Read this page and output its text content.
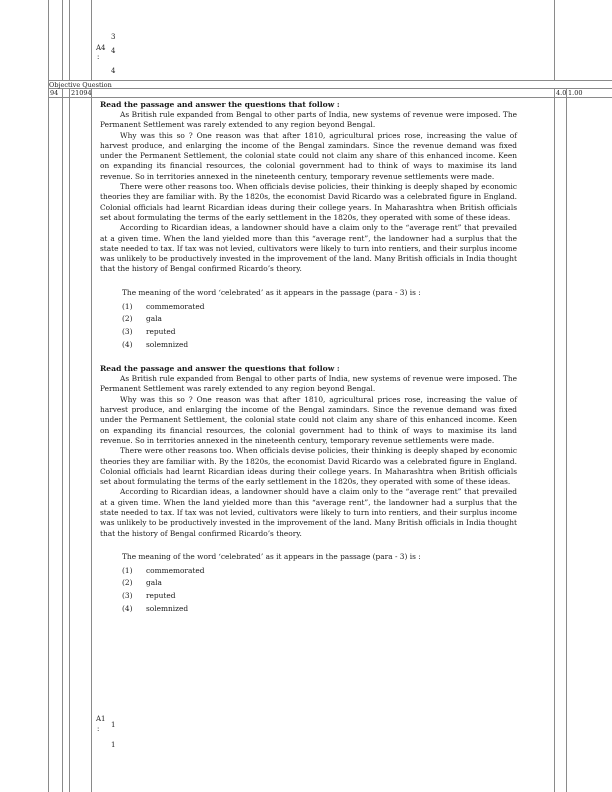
3
A4 4
:
4
Objective Question
94 21094	4.0 1.00

Read the passage and answer the questions that follow :

As British rule expanded from Bengal to other parts of India, new systems of revenue were imposed. The Permanent Settlement was rarely extended to any region beyond Bengal.

Why was this so ? One reason was that after 1810, agricultural prices rose, increasing the value of harvest produce, and enlarging the income of the Bengal zamindars. Since the revenue demand was fixed under the Permanent Settlement, the colonial state could not claim any share of this enhanced income. Keen on expanding its financial resources, the colonial government had to think of ways to maximise its land revenue. So in territories annexed in the nineteenth century, temporary revenue settlements were made.

There were other reasons too. When officials devise policies, their thinking is deeply shaped by economic theories they are familiar with. By the 1820s, the economist David Ricardo was a celebrated figure in England. Colonial officials had learnt Ricardian ideas during their college years. In Maharashtra when British officials set about formulating the terms of the early settlement in the 1820s, they operated with some of these ideas.

According to Ricardian ideas, a landowner should have a claim only to the “average rent” that prevailed at a given time. When the land yielded more than this “average rent”, the landowner had a surplus that the state needed to tax. If tax was not levied, cultivators were likely to turn into rentiers, and their surplus income was unlikely to be productively invested in the improvement of the land. Many British officials in India thought that the history of Bengal confirmed Ricardo’s theory.

The meaning of the word ‘celebrated’ as it appears in the passage (para - 3) is :

(1) commemorated
(2) gala
(3) reputed
(4) solemnized

Read the passage and answer the questions that follow :

As British rule expanded from Bengal to other parts of India, new systems of revenue were imposed. The Permanent Settlement was rarely extended to any region beyond Bengal.

Why was this so ? One reason was that after 1810, agricultural prices rose, increasing the value of harvest produce, and enlarging the income of the Bengal zamindars. Since the revenue demand was fixed under the Permanent Settlement, the colonial state could not claim any share of this enhanced income. Keen on expanding its financial resources, the colonial government had to think of ways to maximise its land revenue. So in territories annexed in the nineteenth century, temporary revenue settlements were made.

There were other reasons too. When officials devise policies, their thinking is deeply shaped by economic theories they are familiar with. By the 1820s, the economist David Ricardo was a celebrated figure in England. Colonial officials had learnt Ricardian ideas during their college years. In Maharashtra when British officials set about formulating the terms of the early settlement in the 1820s, they operated with some of these ideas.

According to Ricardian ideas, a landowner should have a claim only to the “average rent” that prevailed at a given time. When the land yielded more than this “average rent”, the landowner had a surplus that the state needed to tax. If tax was not levied, cultivators were likely to turn into rentiers, and their surplus income was unlikely to be productively invested in the improvement of the land. Many British officials in India thought that the history of Bengal confirmed Ricardo’s theory.

The meaning of the word ‘celebrated’ as it appears in the passage (para - 3) is :

(1) commemorated
(2) gala
(3) reputed
(4) solemnized
A1
1
:
1
